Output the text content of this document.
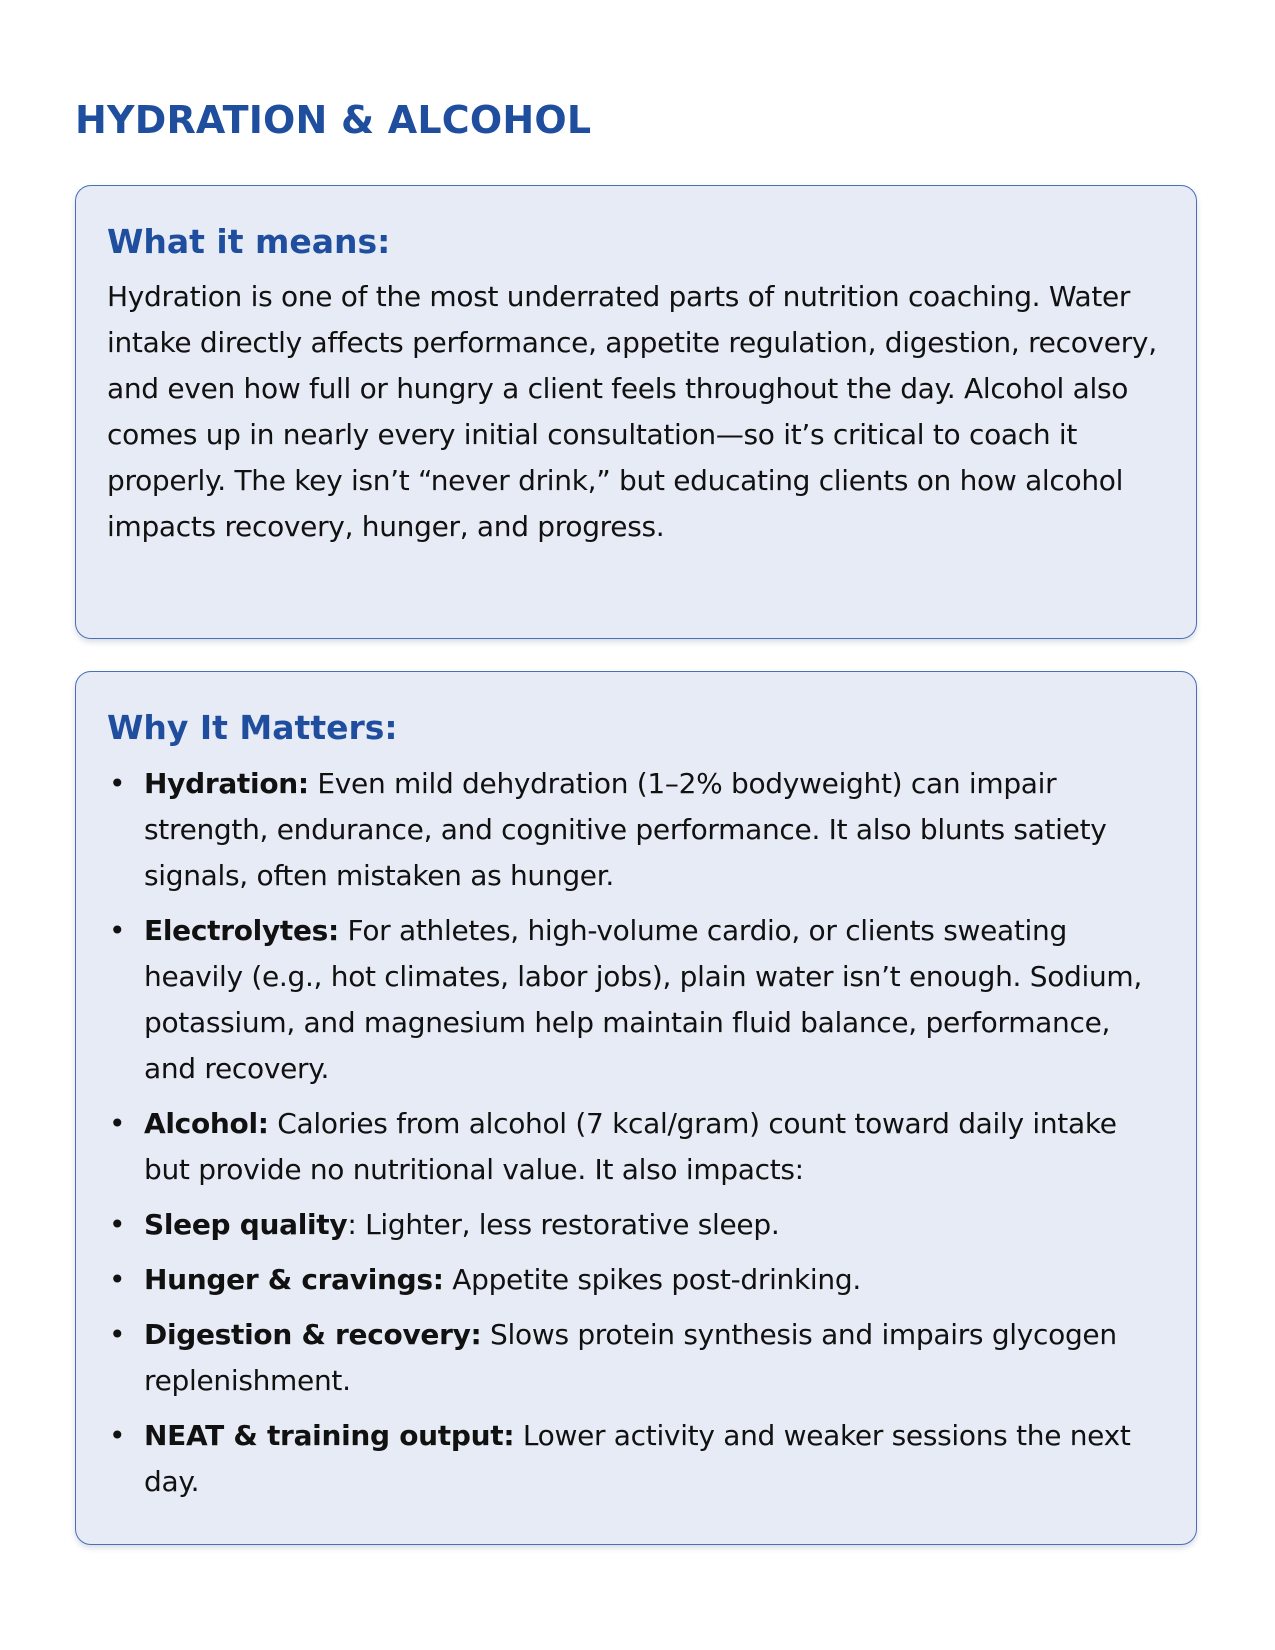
HYDRATION & ALCOHOL
What it means:

Hydration is one of the most underrated parts of nutrition coaching. Water intake directly affects performance, appetite regulation, digestion, recovery, and even how full or hungry a client feels throughout the day. Alcohol also comes up in nearly every initial consultation—so it’s critical to coach it properly. The key isn’t “never drink,” but educating clients on how alcohol impacts recovery, hunger, and progress.

Why It Matters:
• Hydration: Even mild dehydration (1–2% bodyweight) can impair strength, endurance, and cognitive performance. It also blunts satiety signals, often mistaken as hunger.
• Electrolytes: For athletes, high-volume cardio, or clients sweating heavily (e.g., hot climates, labor jobs), plain water isn’t enough. Sodium, potassium, and magnesium help maintain fluid balance, performance, and recovery.
• Alcohol: Calories from alcohol (7 kcal/gram) count toward daily intake but provide no nutritional value. It also impacts:
• Sleep quality: Lighter, less restorative sleep.
• Hunger & cravings: Appetite spikes post-drinking.
• Digestion & recovery: Slows protein synthesis and impairs glycogen replenishment.
• NEAT & training output: Lower activity and weaker sessions the next day.
